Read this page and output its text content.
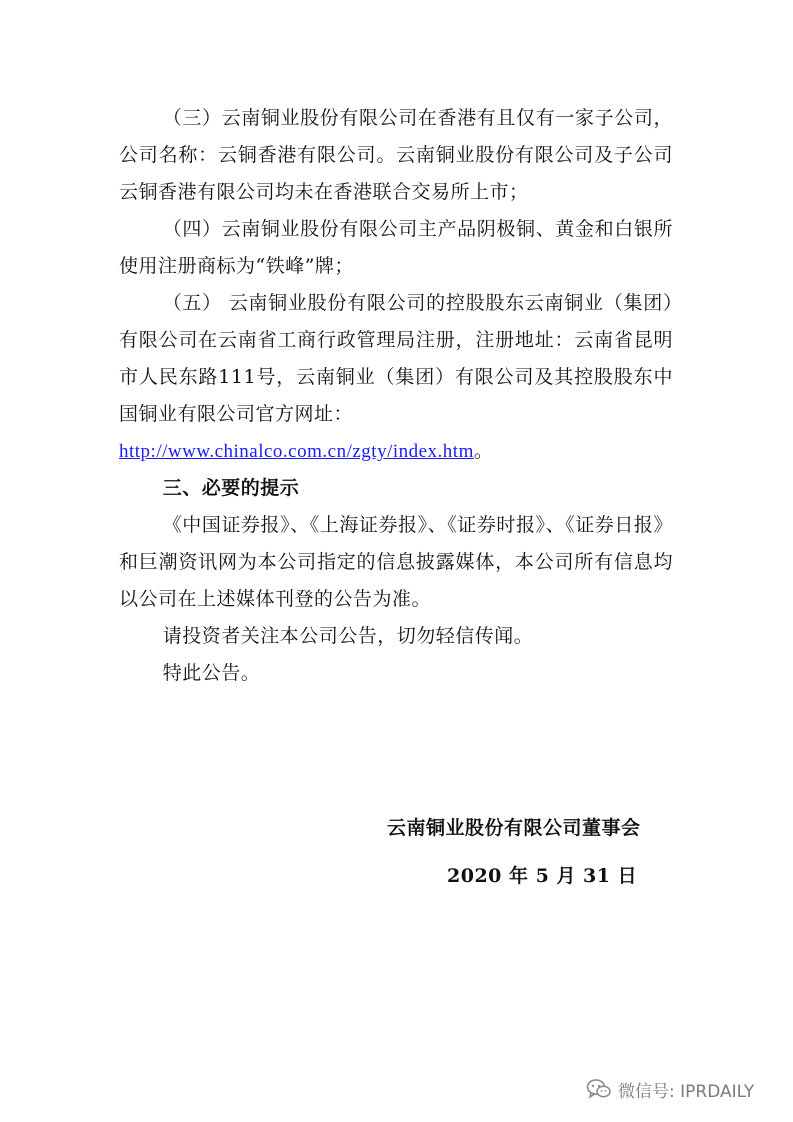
（三）云南铜业股份有限公司在香港有且仅有一家子公司，公司名称：云铜香港有限公司。云南铜业股份有限公司及子公司云铜香港有限公司均未在香港联合交易所上市；

（四）云南铜业股份有限公司主产品阴极铜、黄金和白银所使用注册商标为“铁峰”牌；

（五） 云南铜业股份有限公司的控股股东云南铜业（集团）有限公司在云南省工商行政管理局注册，注册地址：云南省昆明市人民东路111号，云南铜业（集团）有限公司及其控股股东中国铜业有限公司官方网址：
http://www.chinalco.com.cn/zgty/index.htm。

三、必要的提示

《中国证券报》、《上海证券报》、《证券时报》、《证券日报》和巨潮资讯网为本公司指定的信息披露媒体，本公司所有信息均以公司在上述媒体刊登的公告为准。

请投资者关注本公司公告，切勿轻信传闻。

特此公告。

云南铜业股份有限公司董事会
2020 年 5 月 31 日
微信号: IPRDAILY
